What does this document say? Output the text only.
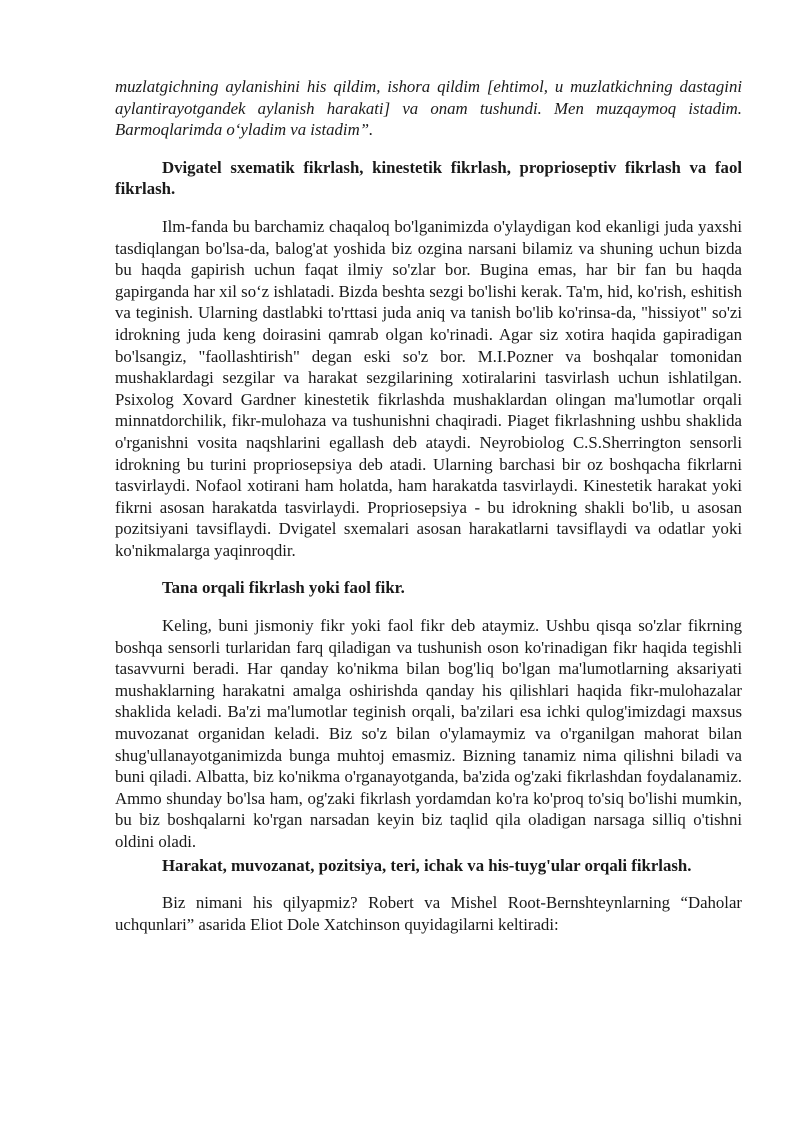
muzlatgichning aylanishini his qildim, ishora qildim [ehtimol, u muzlatkichning dastagini aylantirayotgandek aylanish harakati] va onam tushundi. Men muzqaymoq istadim. Barmoqlarimda o‘yladim va istadim”.

Dvigatel sxematik fikrlash, kinestetik fikrlash, proprioseptiv fikrlash va faol fikrlash.

Ilm-fanda bu barchamiz chaqaloq bo'lganimizda o'ylaydigan kod ekanligi juda yaxshi tasdiqlangan bo'lsa-da, balog'at yoshida biz ozgina narsani bilamiz va shuning uchun bizda bu haqda gapirish uchun faqat ilmiy so'zlar bor. Bugina emas, har bir fan bu haqda gapirganda har xil so‘z ishlatadi. Bizda beshta sezgi bo'lishi kerak. Ta'm, hid, ko'rish, eshitish va teginish. Ularning dastlabki to'rttasi juda aniq va tanish bo'lib ko'rinsa-da, "hissiyot" so'zi idrokning juda keng doirasini qamrab olgan ko'rinadi. Agar siz xotira haqida gapiradigan bo'lsangiz, "faollashtirish" degan eski so'z bor. M.I.Pozner va boshqalar tomonidan mushaklardagi sezgilar va harakat sezgilarining xotiralarini tasvirlash uchun ishlatilgan. Psixolog Xovard Gardner kinestetik fikrlashda mushaklardan olingan ma'lumotlar orqali minnatdorchilik, fikr-mulohaza va tushunishni chaqiradi. Piaget fikrlashning ushbu shaklida o'rganishni vosita naqshlarini egallash deb ataydi. Neyrobiolog C.S.Sherrington sensorli idrokning bu turini propriosepsiya deb atadi. Ularning barchasi bir oz boshqacha fikrlarni tasvirlaydi. Nofaol xotirani ham holatda, ham harakatda tasvirlaydi. Kinestetik harakat yoki fikrni asosan harakatda tasvirlaydi. Propriosepsiya - bu idrokning shakli bo'lib, u asosan pozitsiyani tavsiflaydi. Dvigatel sxemalari asosan harakatlarni tavsiflaydi va odatlar yoki ko'nikmalarga yaqinroqdir.

Tana orqali fikrlash yoki faol fikr.

Keling, buni jismoniy fikr yoki faol fikr deb ataymiz. Ushbu qisqa so'zlar fikrning boshqa sensorli turlaridan farq qiladigan va tushunish oson ko'rinadigan fikr haqida tegishli tasavvurni beradi. Har qanday ko'nikma bilan bog'liq bo'lgan ma'lumotlarning aksariyati mushaklarning harakatni amalga oshirishda qanday his qilishlari haqida fikr-mulohazalar shaklida keladi. Ba'zi ma'lumotlar teginish orqali, ba'zilari esa ichki qulog'imizdagi maxsus muvozanat organidan keladi. Biz so'z bilan o'ylamaymiz va o'rganilgan mahorat bilan shug'ullanayotganimizda bunga muhtoj emasmiz. Bizning tanamiz nima qilishni biladi va buni qiladi. Albatta, biz ko'nikma o'rganayotganda, ba'zida og'zaki fikrlashdan foydalanamiz. Ammo shunday bo'lsa ham, og'zaki fikrlash yordamdan ko'ra ko'proq to'siq bo'lishi mumkin, bu biz boshqalarni ko'rgan narsadan keyin biz taqlid qila oladigan narsaga silliq o'tishni oldini oladi.

Harakat, muvozanat, pozitsiya, teri, ichak va his-tuyg'ular orqali fikrlash.

Biz nimani his qilyapmiz? Robert va Mishel Root-Bernshteynlarning “Daholar uchqunlari” asarida Eliot Dole Xatchinson quyidagilarni keltiradi:
